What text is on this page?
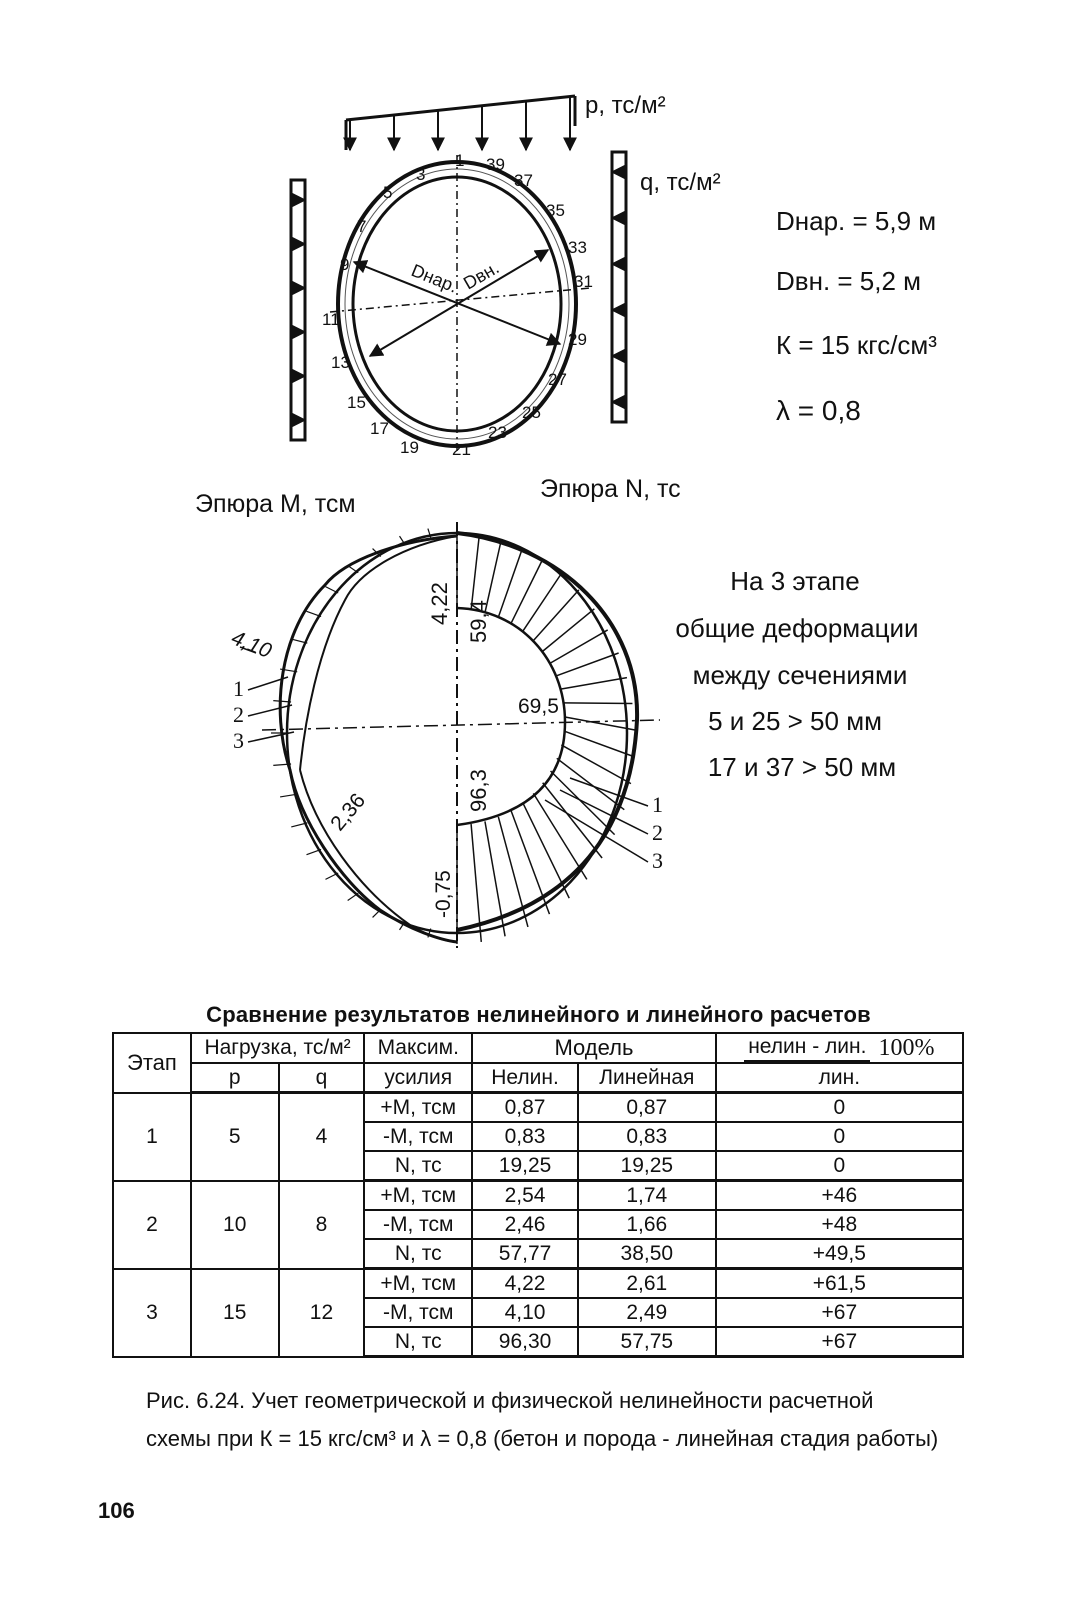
p, тс/м²
q, тс/м²
Dнар. Dвн.
1
3
5
7
9
11
13
15
17
19 21
23
25
27
29
31
33
35
37
39
Dнар. = 5,9 м
Dвн. = 5,2 м
К = 15 кгс/см³
λ = 0,8
Эпюра М, тсм
Эпюра N, тс
4,22 59,4
4,10
69,5
96,3
2,36
-0,75
1
2
3
1
2
3
На 3 этапе
общие деформации
между сечениями
5 и 25 > 50 мм
17 и 37 > 50 мм
Сравнение результатов нелинейного и линейного расчетов
Этап	Нагрузка, тс/м²		Максим.	Модель		нелин - лин. 100%

	p	q	усилия	Нелин.	Линейная	лин.
1	5	4	+М, тсм	0,87	0,87	0
			-М, тсм	0,83	0,83	0
			N, тс	19,25	19,25	0
2	10	8	+М, тсм	2,54	1,74	+46
			-М, тсм	2,46	1,66	+48
			N, тс	57,77	38,50	+49,5
3	15	12	+М, тсм	4,22	2,61	+61,5
			-М, тсм	4,10	2,49	+67
			N, тс	96,30	57,75	+67
Рис. 6.24. Учет геометрической и физической нелинейности расчетной
схемы при К = 15 кгс/см³ и λ = 0,8 (бетон и порода - линейная стадия работы)
106
